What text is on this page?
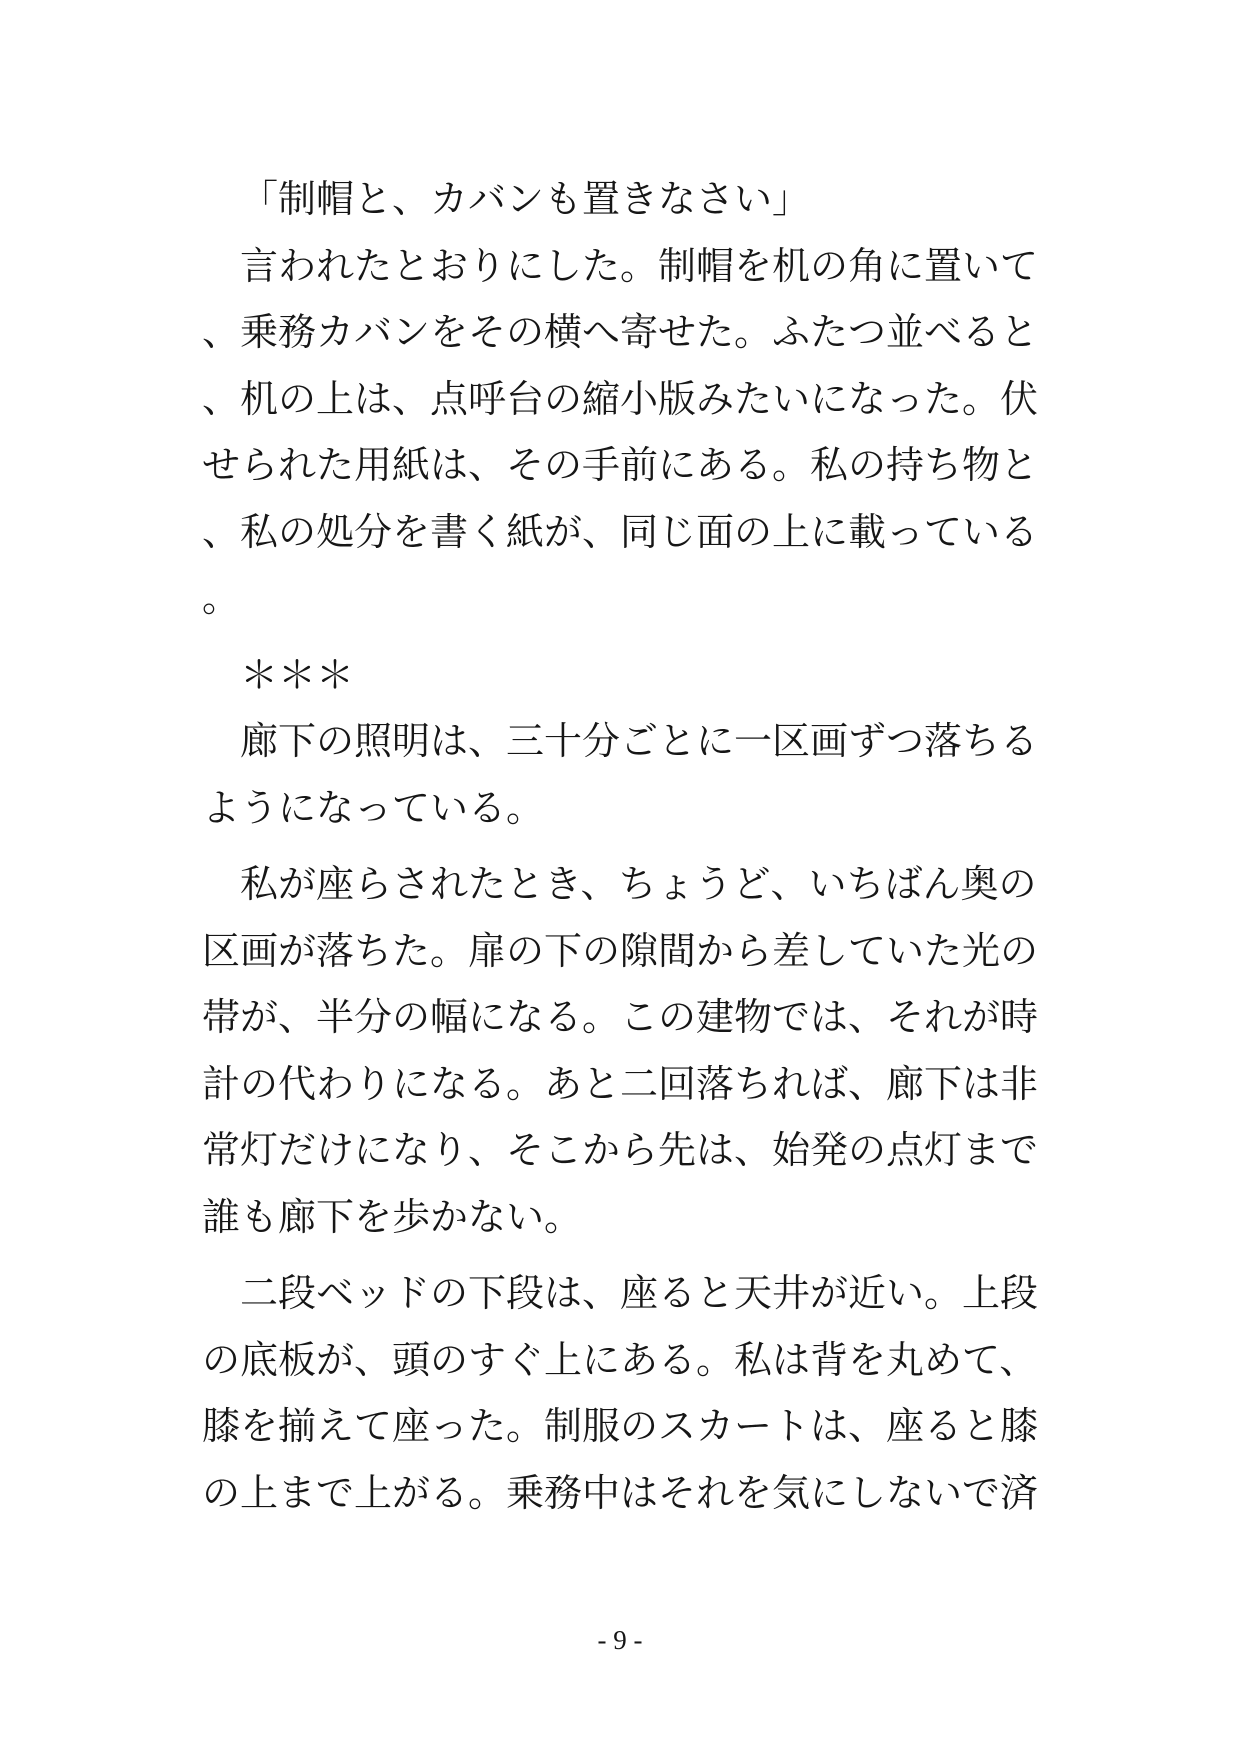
「制帽と、カバンも置きなさい」

言われたとおりにした。制帽を机の角に置いて、乗務カバンをその横へ寄せた。ふたつ並べると、机の上は、点呼台の縮小版みたいになった。伏せられた用紙は、その手前にある。私の持ち物と、私の処分を書く紙が、同じ面の上に載っている。

＊＊＊

廊下の照明は、三十分ごとに一区画ずつ落ちるようになっている。

私が座らされたとき、ちょうど、いちばん奥の区画が落ちた。扉の下の隙間から差していた光の帯が、半分の幅になる。この建物では、それが時計の代わりになる。あと二回落ちれば、廊下は非常灯だけになり、そこから先は、始発の点灯まで誰も廊下を歩かない。

二段ベッドの下段は、座ると天井が近い。上段の底板が、頭のすぐ上にある。私は背を丸めて、膝を揃えて座った。制服のスカートは、座ると膝の上まで上がる。乗務中はそれを気にしないで済

- 9 -
